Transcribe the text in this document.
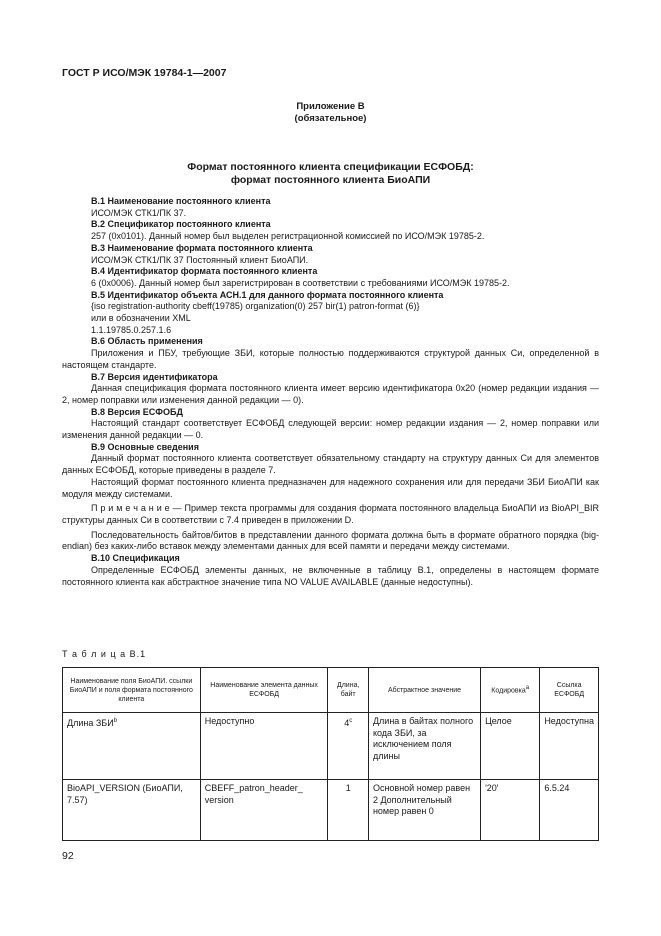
ГОСТ Р ИСО/МЭК 19784-1—2007
Приложение В
(обязательное)
Формат постоянного клиента спецификации ЕСФОБД:
формат постоянного клиента БиоАПИ

В.1 Наименование постоянного клиента

ИСО/МЭК СТК1/ПК 37.

В.2 Спецификатор постоянного клиента

257 (0x0101). Данный номер был выделен регистрационной комиссией по ИСО/МЭК 19785-2.

В.3 Наименование формата постоянного клиента

ИСО/МЭК СТК1/ПК 37 Постоянный клиент БиоАПИ.

В.4 Идентификатор формата постоянного клиента

6 (0x0006). Данный номер был зарегистрирован в соответствии с требованиями ИСО/МЭК 19785-2.

В.5 Идентификатор объекта АСН.1 для данного формата постоянного клиента

{iso registration-authority cbeff(19785) organization(0) 257 bir(1) patron-format (6)}

или в обозначении XML

1.1.19785.0.257.1.6

В.6 Область применения

Приложения и ПБУ, требующие ЗБИ, которые полностью поддерживаются структурой данных Си, определенной в настоящем стандарте.

В.7 Версия идентификатора

Данная спецификация формата постоянного клиента имеет версию идентификатора 0x20 (номер редакции издания — 2, номер поправки или изменения данной редакции — 0).

В.8 Версия ЕСФОБД

Настоящий стандарт соответствует ЕСФОБД следующей версии: номер редакции издания — 2, номер поправки или изменения данной редакции — 0.

В.9 Основные сведения

Данный формат постоянного клиента соответствует обязательному стандарту на структуру данных Си для элементов данных ЕСФОБД, которые приведены в разделе 7.

Настоящий формат постоянного клиента предназначен для надежного сохранения или для передачи ЗБИ БиоАПИ как модуля между системами.

П р и м е ч а н и е — Пример текста программы для создания формата постоянного владельца БиоАПИ из BioAPI_BIR структуры данных Си в соответствии с 7.4 приведен в приложении D.

Последовательность байтов/битов в представлении данного формата должна быть в формате обратного порядка (big-endian) без каких-либо вставок между элементами данных для всей памяти и передачи между системами.

В.10 Спецификация

Определенные ЕСФОБД элементы данных, не включенные в таблицу В.1, определены в настоящем формате постоянного клиента как абстрактное значение типа NO VALUE AVAILABLE (данные недоступны).

Т а б л и ц а В.1
Наименование поля БиоАПИ. ссылки БиоАПИ и поля формата постоянного клиента	Наименование элемента данных ЕСФОБД	Длина, байт	Абстрактное значение	Кодировка$^a$	Ссылка ЕСФОБД
Длина ЗБИ$^b$	Недоступно	4$^c$	Длина в байтах полного кода ЗБИ, за исключением поля длины	Целое	Недоступна
BioAPI_VERSION (БиоАПИ, 7.57)	CBEFF_patron_header_ version	1	Основной номер равен 2 Дополнительный номер равен 0	'20'	6.5.24
92
